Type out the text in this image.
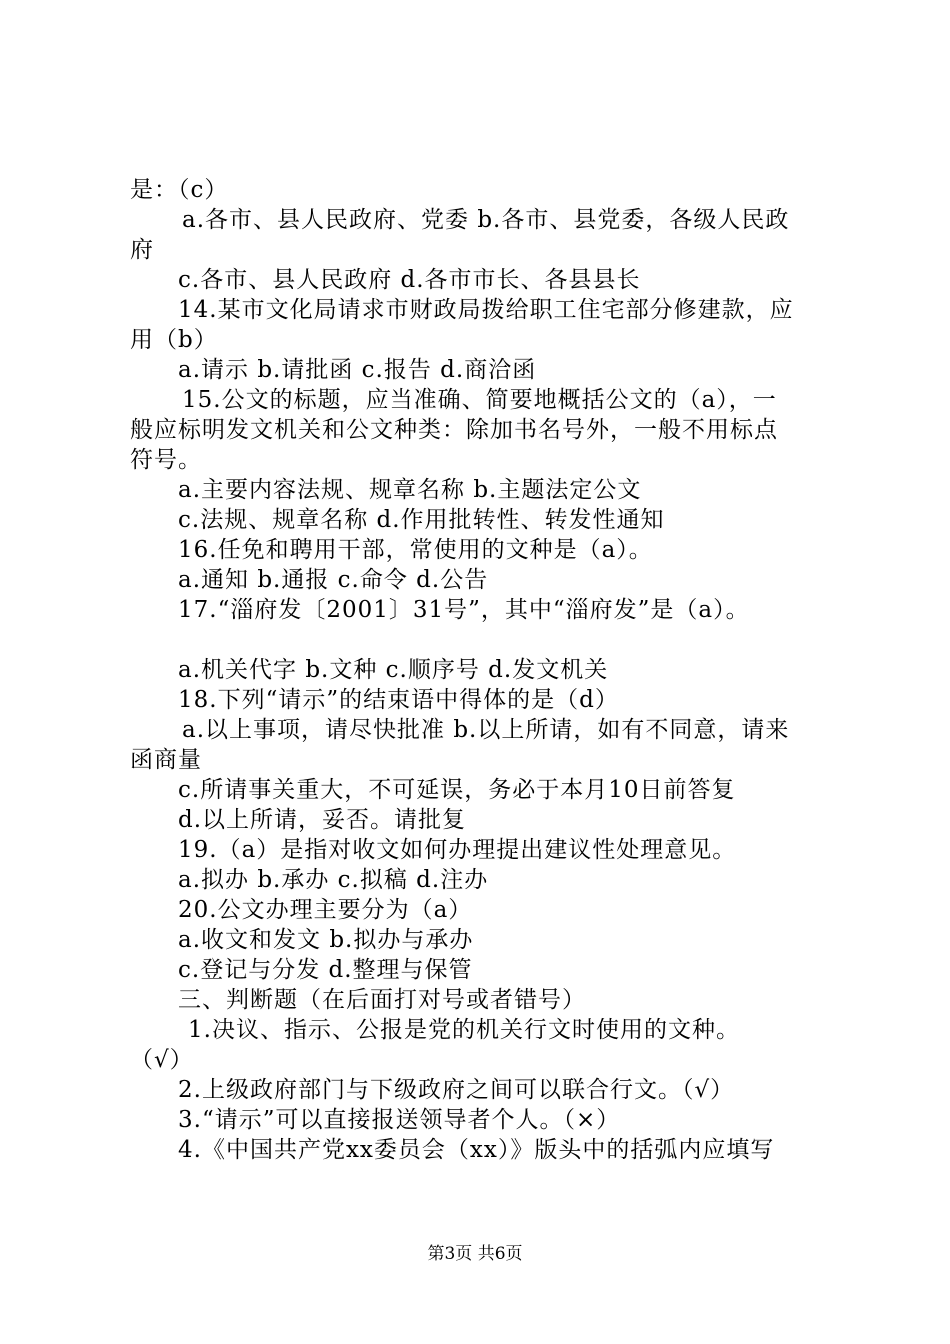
是：（c）
a.各市、县人民政府、党委 b.各市、县党委，各级人民政
府
c.各市、县人民政府 d.各市市长、各县县长
14.某市文化局请求市财政局拨给职工住宅部分修建款，应
用（b）
a.请示 b.请批函 c.报告 d.商洽函
15.公文的标题，应当准确、简要地概括公文的（a），一
般应标明发文机关和公文种类：除加书名号外，一般不用标点
符号。
a.主要内容法规、规章名称 b.主题法定公文
c.法规、规章名称 d.作用批转性、转发性通知
16.任免和聘用干部，常使用的文种是（a）。
a.通知 b.通报 c.命令 d.公告
17.“淄府发〔2001〕31号”，其中“淄府发”是（a）。
a.机关代字 b.文种 c.顺序号 d.发文机关
18.下列“请示”的结束语中得体的是（d）
a.以上事项，请尽快批准 b.以上所请，如有不同意，请来
函商量
c.所请事关重大，不可延误，务必于本月10日前答复
d.以上所请，妥否。请批复
19.（a）是指对收文如何办理提出建议性处理意见。
a.拟办 b.承办 c.拟稿 d.注办
20.公文办理主要分为（a）
a.收文和发文 b.拟办与承办
c.登记与分发 d.整理与保管
三、判断题（在后面打对号或者错号）
1.决议、指示、公报是党的机关行文时使用的文种。
（√）
2.上级政府部门与下级政府之间可以联合行文。（√）
3.“请示”可以直接报送领导者个人。（×）
4.《中国共产党xx委员会（xx）》版头中的括弧内应填写
第3页 共6页
